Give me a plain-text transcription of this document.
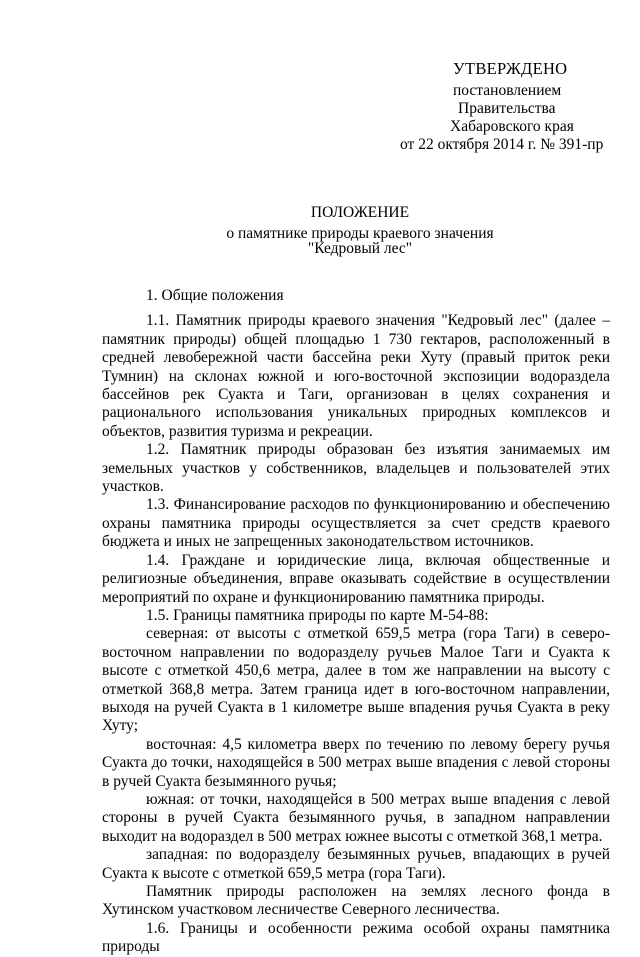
УТВЕРЖДЕНО
постановлением
Правительства
Хабаровского края
от 22 октября 2014 г. № 391-пр
ПОЛОЖЕНИЕ
о памятнике природы краевого значения
"Кедровый лес"

1. Общие положения

1.1. Памятник природы краевого значения "Кедровый лес" (далее – памятник природы) общей площадью 1 730 гектаров, расположенный в средней левобережной части бассейна реки Хуту (правый приток реки Тумнин) на склонах южной и юго-восточной экспозиции водораздела бассейнов рек Суакта и Таги, организован в целях сохранения и рационального использования уникальных природных комплексов и объектов, развития туризма и рекреации.

1.2. Памятник природы образован без изъятия занимаемых им земельных участков у собственников, владельцев и пользователей этих участков.

1.3. Финансирование расходов по функционированию и обеспечению охраны памятника природы осуществляется за счет средств краевого бюджета и иных не запрещенных законодательством источников.

1.4. Граждане и юридические лица, включая общественные и религиозные объединения, вправе оказывать содействие в осуществлении мероприятий по охране и функционированию памятника природы.

1.5. Границы памятника природы по карте М-54-88:

северная: от высоты с отметкой 659,5 метра (гора Таги) в северо-восточном направлении по водоразделу ручьев Малое Таги и Суакта к высоте с отметкой 450,6 метра, далее в том же направлении на высоту с отметкой 368,8 метра. Затем граница идет в юго-восточном направлении, выходя на ручей Суакта в 1 километре выше впадения ручья Суакта в реку Хуту;

восточная: 4,5 километра вверх по течению по левому берегу ручья Суакта до точки, находящейся в 500 метрах выше впадения с левой стороны в ручей Суакта безымянного ручья;

южная: от точки, находящейся в 500 метрах выше впадения с левой стороны в ручей Суакта безымянного ручья, в западном направлении выходит на водораздел в 500 метрах южнее высоты с отметкой 368,1 метра.

западная: по водоразделу безымянных ручьев, впадающих в ручей Суакта к высоте с отметкой 659,5 метра (гора Таги).

Памятник природы расположен на землях лесного фонда в Хутинском участковом лесничестве Северного лесничества.

1.6. Границы и особенности режима особой охраны памятника природы
